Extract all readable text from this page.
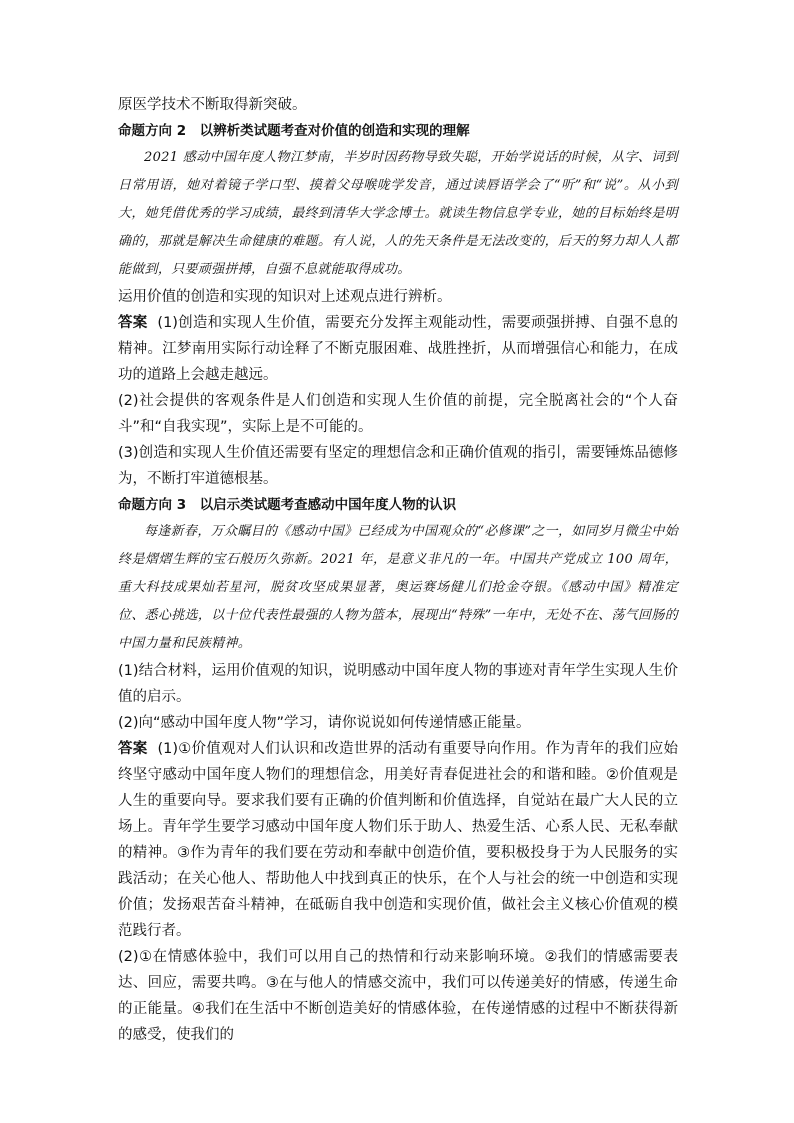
原医学技术不断取得新突破。

命题方向 2　以辨析类试题考查对价值的创造和实现的理解

2021 感动中国年度人物江梦南，半岁时因药物导致失聪，开始学说话的时候，从字、词到日常用语，她对着镜子学口型、摸着父母喉咙学发音，通过读唇语学会了“听”和“说”。从小到大，她凭借优秀的学习成绩，最终到清华大学念博士。就读生物信息学专业，她的目标始终是明确的，那就是解决生命健康的难题。有人说，人的先天条件是无法改变的，后天的努力却人人都能做到，只要顽强拼搏，自强不息就能取得成功。

运用价值的创造和实现的知识对上述观点进行辨析。

答案 (1)创造和实现人生价值，需要充分发挥主观能动性，需要顽强拼搏、自强不息的精神。江梦南用实际行动诠释了不断克服困难、战胜挫折，从而增强信心和能力，在成功的道路上会越走越远。

(2)社会提供的客观条件是人们创造和实现人生价值的前提，完全脱离社会的“个人奋斗”和“自我实现”，实际上是不可能的。

(3)创造和实现人生价值还需要有坚定的理想信念和正确价值观的指引，需要锤炼品德修为，不断打牢道德根基。

命题方向 3　以启示类试题考查感动中国年度人物的认识

每逢新春，万众瞩目的《感动中国》已经成为中国观众的“必修课”之一，如同岁月微尘中始终是熠熠生辉的宝石般历久弥新。2021 年，是意义非凡的一年。中国共产党成立 100 周年，重大科技成果灿若星河，脱贫攻坚成果显著，奥运赛场健儿们抢金夺银。《感动中国》精准定位、悉心挑选，以十位代表性最强的人物为篮本，展现出“特殊”一年中，无处不在、荡气回肠的中国力量和民族精神。

(1)结合材料，运用价值观的知识，说明感动中国年度人物的事迹对青年学生实现人生价值的启示。

(2)向“感动中国年度人物”学习，请你说说如何传递情感正能量。

答案 (1)①价值观对人们认识和改造世界的活动有重要导向作用。作为青年的我们应始终坚守感动中国年度人物们的理想信念，用美好青春促进社会的和谐和睦。②价值观是人生的重要向导。要求我们要有正确的价值判断和价值选择，自觉站在最广大人民的立场上。青年学生要学习感动中国年度人物们乐于助人、热爱生活、心系人民、无私奉献的精神。③作为青年的我们要在劳动和奉献中创造价值，要积极投身于为人民服务的实践活动；在关心他人、帮助他人中找到真正的快乐，在个人与社会的统一中创造和实现价值；发扬艰苦奋斗精神，在砥砺自我中创造和实现价值，做社会主义核心价值观的模范践行者。

(2)①在情感体验中，我们可以用自己的热情和行动来影响环境。②我们的情感需要表达、回应，需要共鸣。③在与他人的情感交流中，我们可以传递美好的情感，传递生命的正能量。④我们在生活中不断创造美好的情感体验，在传递情感的过程中不断获得新的感受，使我们的
